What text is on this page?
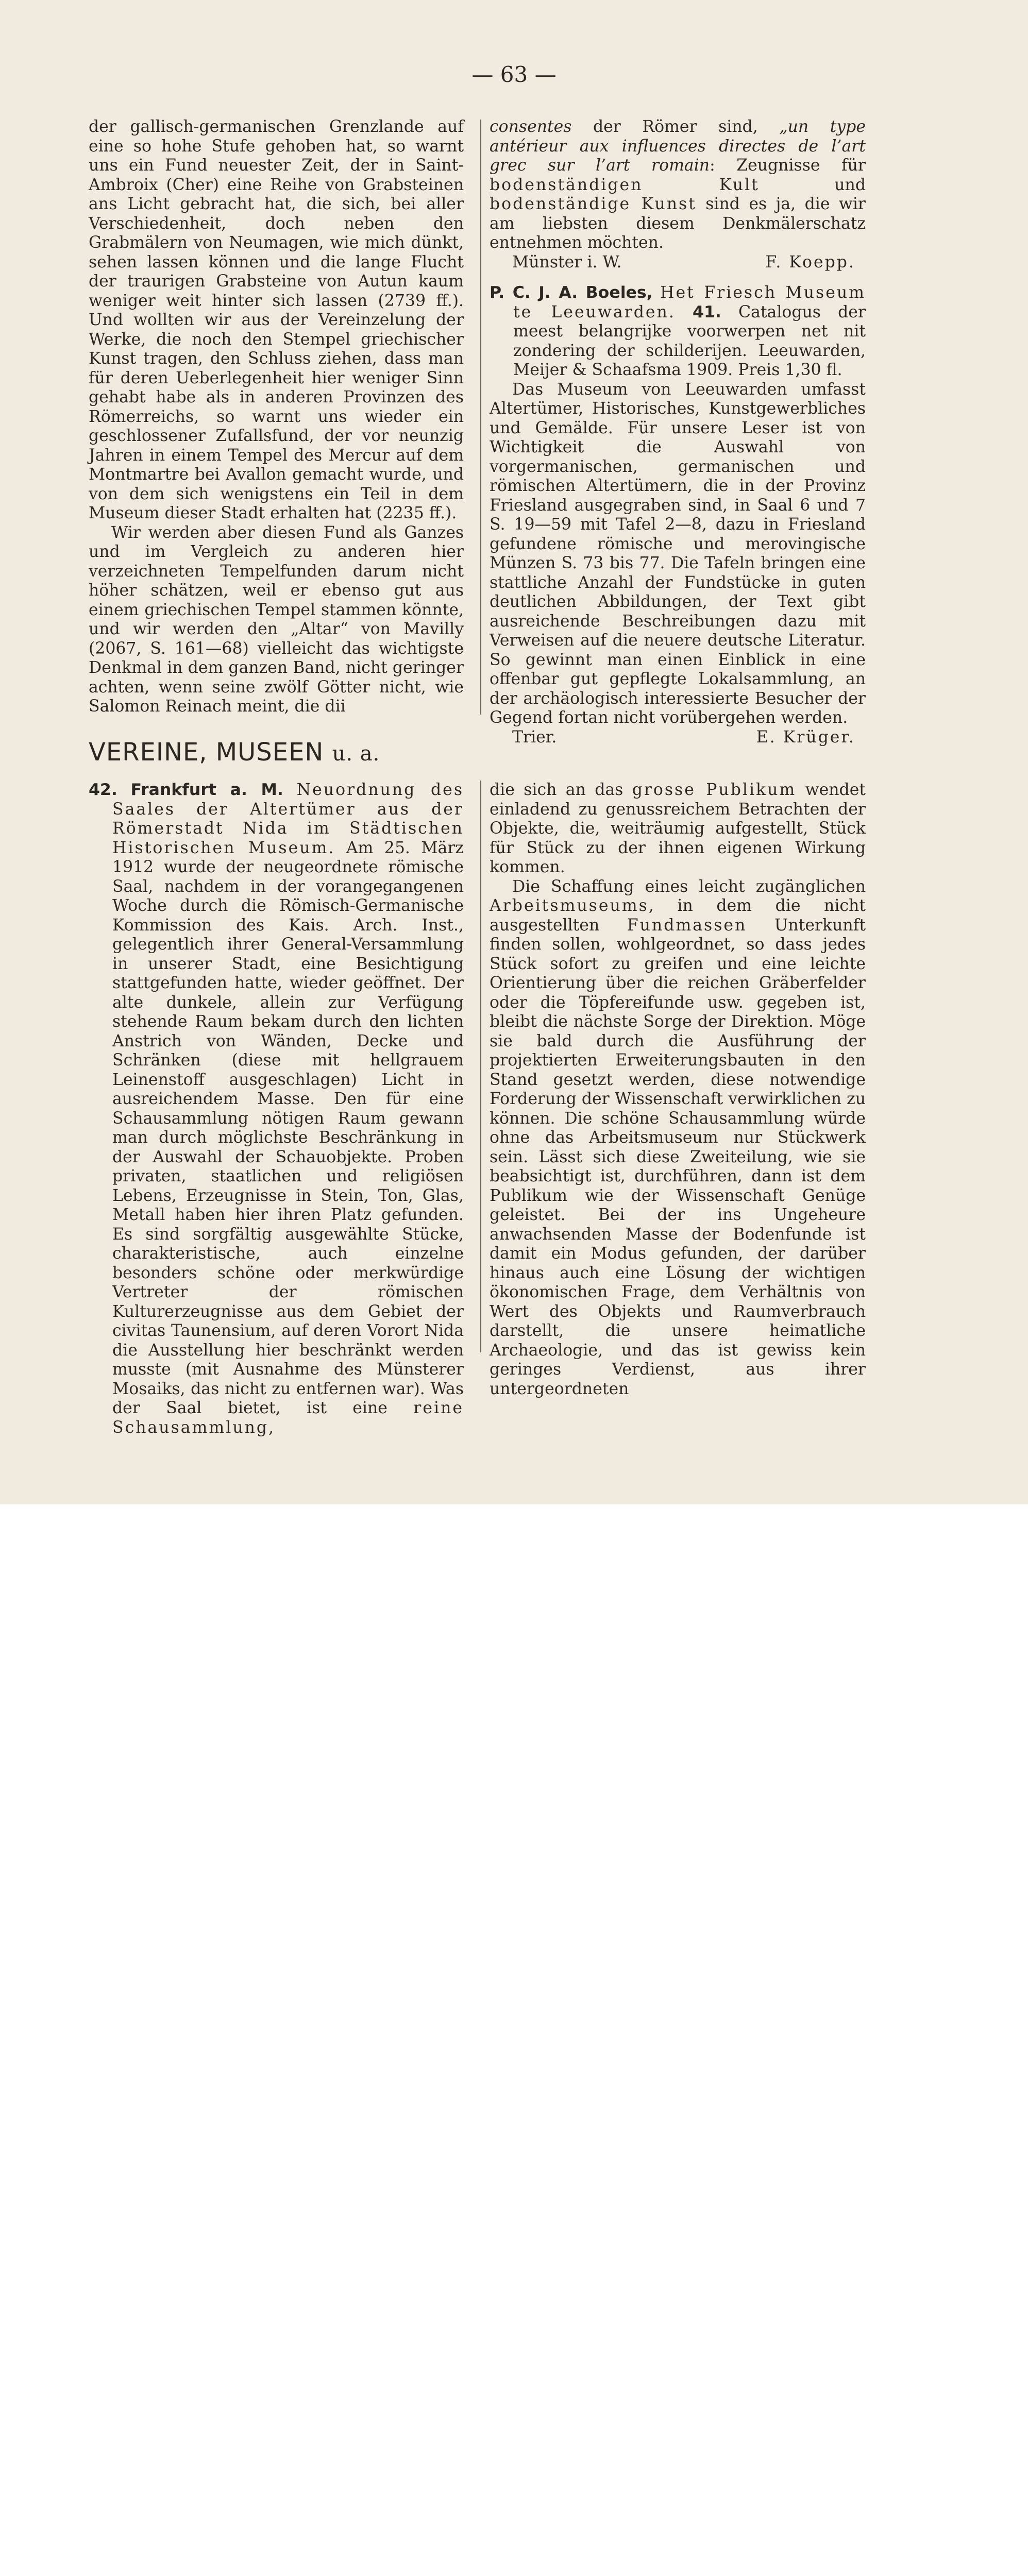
— 63 —

der gallisch-germanischen Grenzlande auf eine so hohe Stufe gehoben hat, so warnt uns ein Fund neuester Zeit, der in Saint-Ambroix (Cher) eine Reihe von Grabsteinen ans Licht gebracht hat, die sich, bei aller Verschiedenheit, doch neben den Grabmälern von Neumagen, wie mich dünkt, sehen lassen können und die lange Flucht der traurigen Grabsteine von Autun kaum weniger weit hinter sich lassen (2739 ff.). Und wollten wir aus der Vereinzelung der Werke, die noch den Stempel griechischer Kunst tragen, den Schluss ziehen, dass man für deren Ueberlegenheit hier weniger Sinn gehabt habe als in anderen Provinzen des Römerreichs, so warnt uns wieder ein geschlossener Zufallsfund, der vor neunzig Jahren in einem Tempel des Mercur auf dem Montmartre bei Avallon gemacht wurde, und von dem sich wenigstens ein Teil in dem Museum dieser Stadt erhalten hat (2235 ff.).

Wir werden aber diesen Fund als Ganzes und im Vergleich zu anderen hier verzeichneten Tempelfunden darum nicht höher schätzen, weil er ebenso gut aus einem griechischen Tempel stammen könnte, und wir werden den „Altar“ von Mavilly (2067, S. 161—68) vielleicht das wichtigste Denkmal in dem ganzen Band, nicht geringer achten, wenn seine zwölf Götter nicht, wie Salomon Reinach meint, die dii

consentes der Römer sind, „un type antérieur aux influences directes de l’art grec sur l’art romain: Zeugnisse für bodenständigen Kult und bodenständige Kunst sind es ja, die wir am liebsten diesem Denkmälerschatz entnehmen möchten.

Münster i. W.	F. Koepp.

P. C. J. A. Boeles, Het Friesch Museum te Leeuwarden. 41. Catalogus der meest belangrijke voorwerpen net nit zondering der schilderijen. Leeuwarden, Meijer & Schaafsma 1909. Preis 1,30 fl.

Das Museum von Leeuwarden umfasst Altertümer, Historisches, Kunstgewerbliches und Gemälde. Für unsere Leser ist von Wichtigkeit die Auswahl von vorgermanischen, germanischen und römischen Altertümern, die in der Provinz Friesland ausgegraben sind, in Saal 6 und 7 S. 19—59 mit Tafel 2—8, dazu in Friesland gefundene römische und merovingische Münzen S. 73 bis 77. Die Tafeln bringen eine stattliche Anzahl der Fundstücke in guten deutlichen Abbildungen, der Text gibt ausreichende Beschreibungen dazu mit Verweisen auf die neuere deutsche Literatur. So gewinnt man einen Einblick in eine offenbar gut gepflegte Lokalsammlung, an der archäologisch interessierte Besucher der Gegend fortan nicht vorübergehen werden.

Trier.	E. Krüger.
VEREINE, MUSEEN u. a.

42. Frankfurt a. M. Neuordnung des Saales der Altertümer aus der Römerstadt Nida im Städtischen Historischen Museum. Am 25. März 1912 wurde der neugeordnete römische Saal, nachdem in der vorangegangenen Woche durch die Römisch-Germanische Kommission des Kais. Arch. Inst., gelegentlich ihrer General-Versammlung in unserer Stadt, eine Besichtigung stattgefunden hatte, wieder geöffnet. Der alte dunkele, allein zur Verfügung stehende Raum bekam durch den lichten Anstrich von Wänden, Decke und Schränken (diese mit hellgrauem Leinenstoff ausgeschlagen) Licht in ausreichendem Masse. Den für eine Schausammlung nötigen Raum gewann man durch möglichste Beschränkung in der Auswahl der Schauobjekte. Proben privaten, staatlichen und religiösen Lebens, Erzeugnisse in Stein, Ton, Glas, Metall haben hier ihren Platz gefunden. Es sind sorgfältig ausgewählte Stücke, charakteristische, auch einzelne besonders schöne oder merkwürdige Vertreter der römischen Kulturerzeugnisse aus dem Gebiet der civitas Taunensium, auf deren Vorort Nida die Ausstellung hier beschränkt werden musste (mit Ausnahme des Münsterer Mosaiks, das nicht zu entfernen war). Was der Saal bietet, ist eine reine Schausammlung,

die sich an das grosse Publikum wendet einladend zu genussreichem Betrachten der Objekte, die, weiträumig aufgestellt, Stück für Stück zu der ihnen eigenen Wirkung kommen.

Die Schaffung eines leicht zugänglichen Arbeitsmuseums, in dem die nicht ausgestellten Fundmassen Unterkunft finden sollen, wohlgeordnet, so dass jedes Stück sofort zu greifen und eine leichte Orientierung über die reichen Gräberfelder oder die Töpfereifunde usw. gegeben ist, bleibt die nächste Sorge der Direktion. Möge sie bald durch die Ausführung der projektierten Erweiterungsbauten in den Stand gesetzt werden, diese notwendige Forderung der Wissenschaft verwirklichen zu können. Die schöne Schausammlung würde ohne das Arbeitsmuseum nur Stückwerk sein. Lässt sich diese Zweiteilung, wie sie beabsichtigt ist, durchführen, dann ist dem Publikum wie der Wissenschaft Genüge geleistet. Bei der ins Ungeheure anwachsenden Masse der Bodenfunde ist damit ein Modus gefunden, der darüber hinaus auch eine Lösung der wichtigen ökonomischen Frage, dem Verhältnis von Wert des Objekts und Raumverbrauch darstellt, die unsere heimatliche Archaeologie, und das ist gewiss kein geringes Verdienst, aus ihrer untergeordneten
